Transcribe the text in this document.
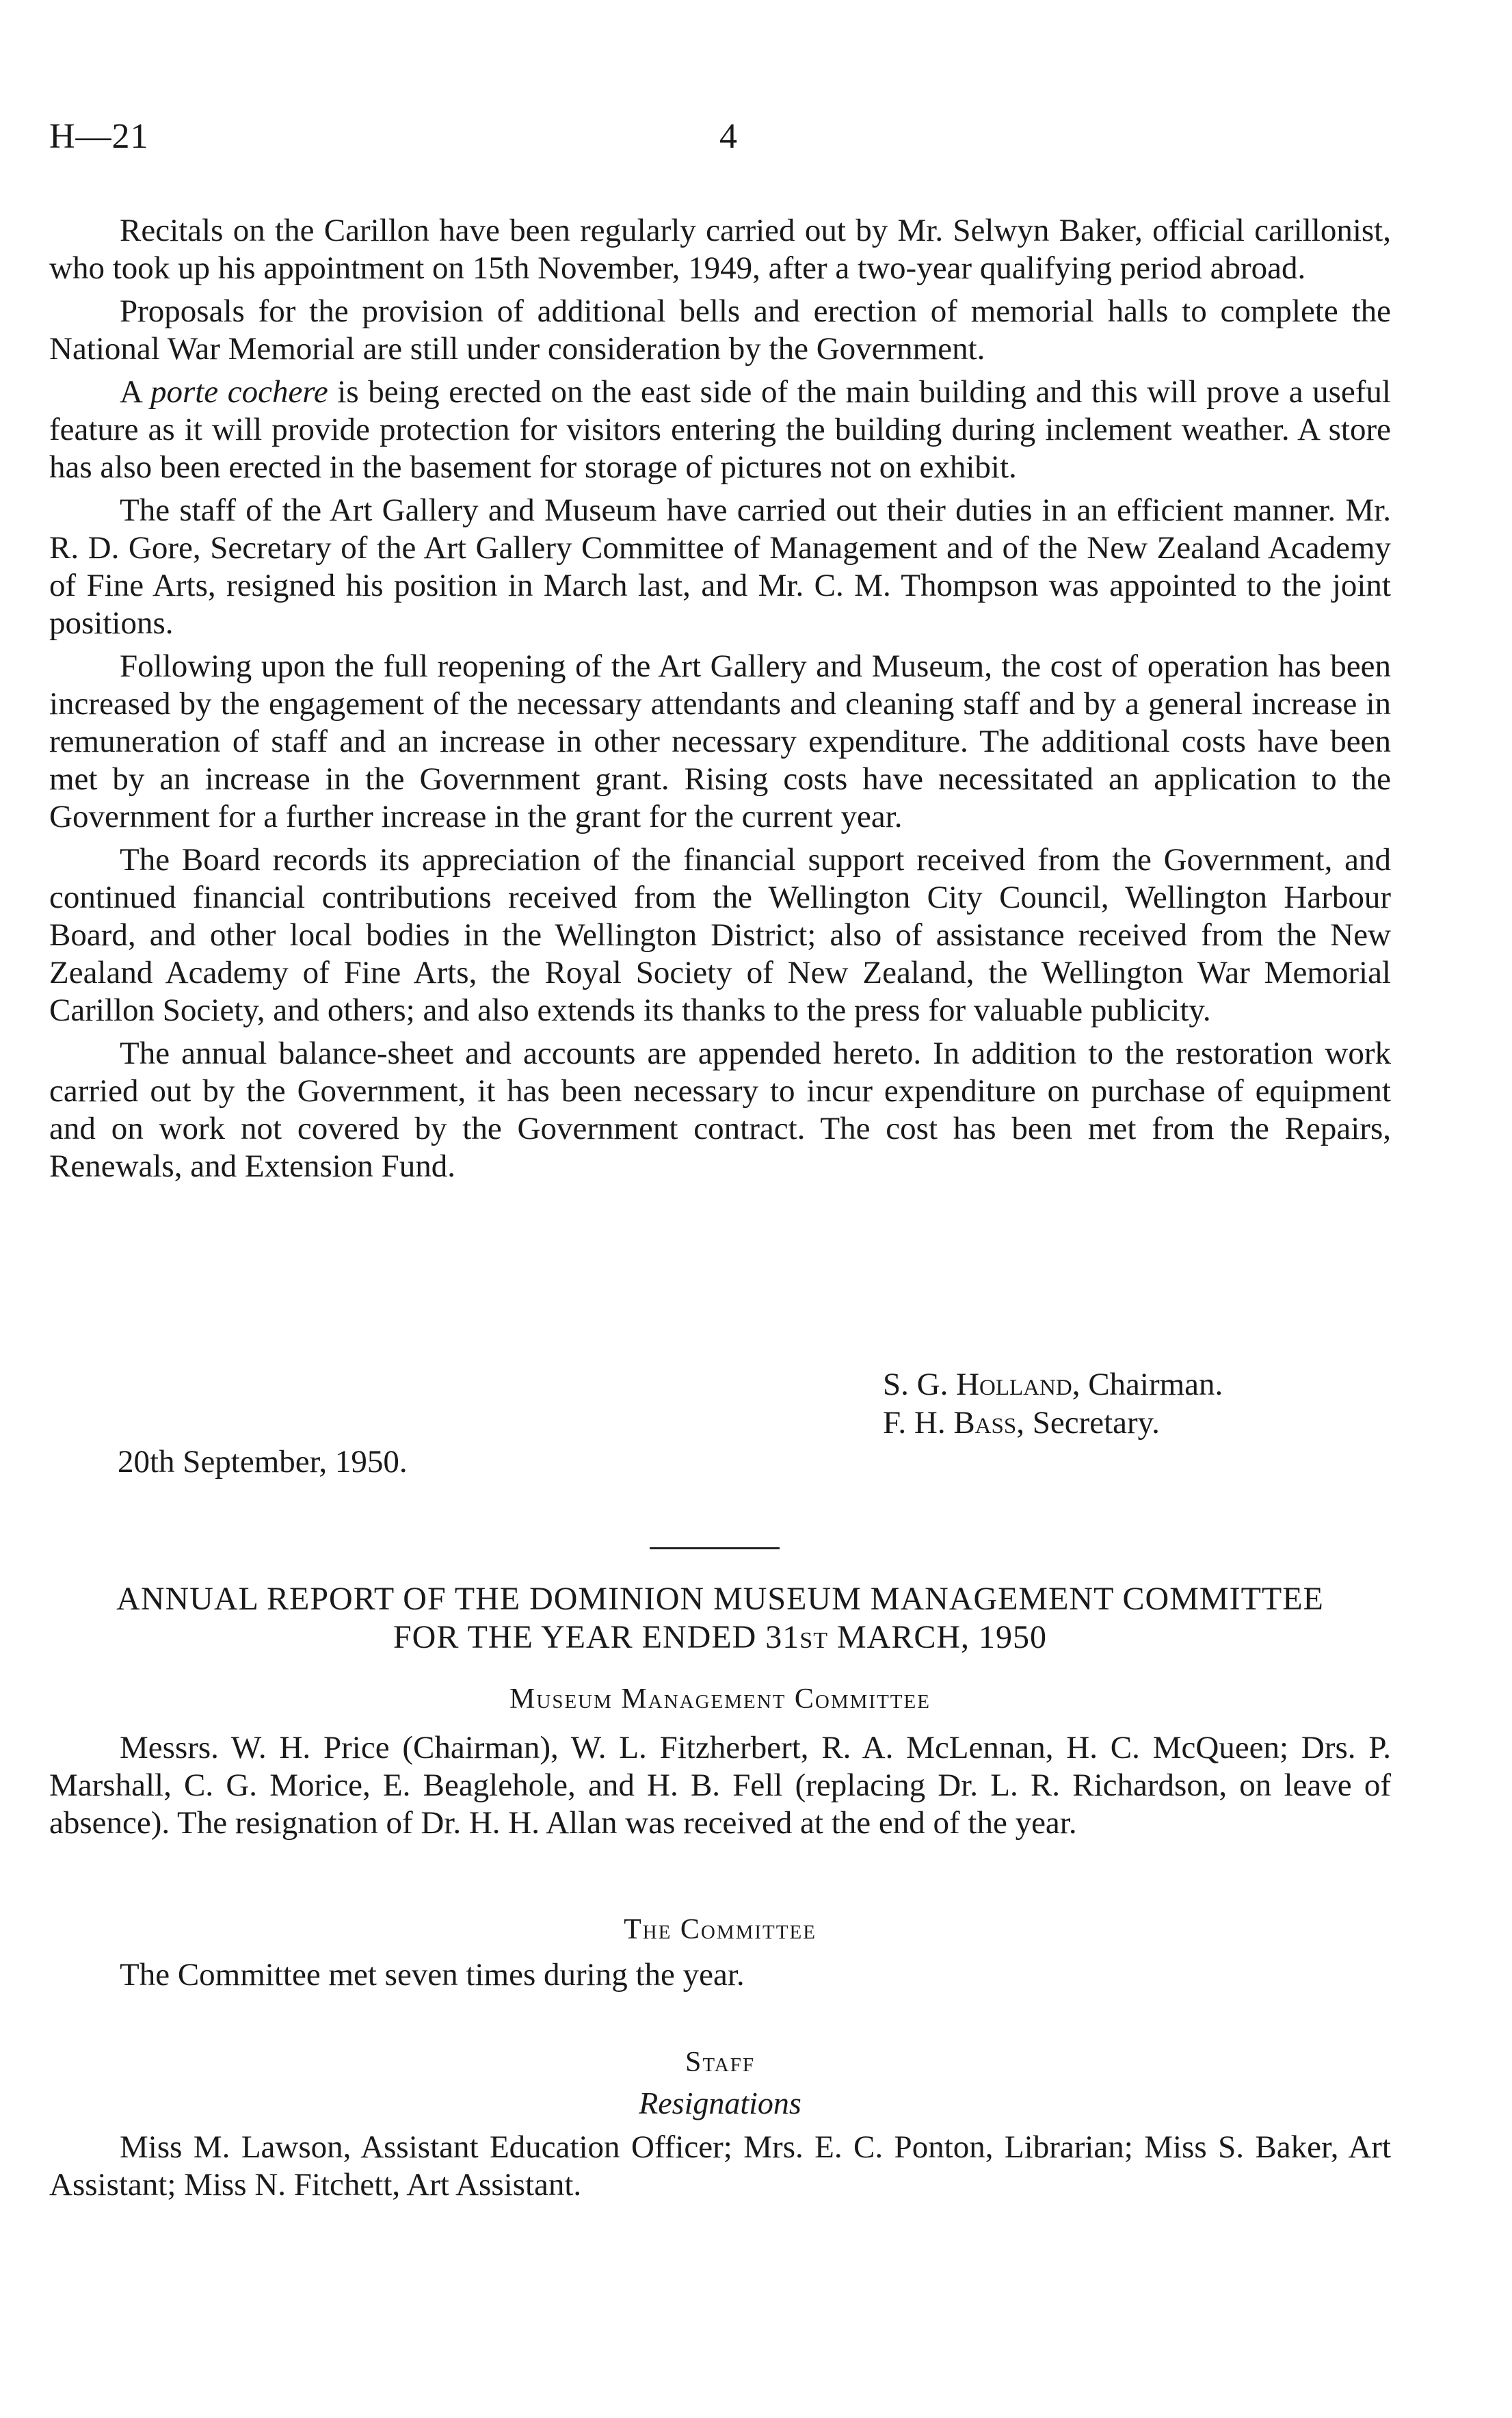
H—21	4

Recitals on the Carillon have been regularly carried out by Mr. Selwyn Baker, official carillonist, who took up his appointment on 15th November, 1949, after a two-year qualifying period abroad.

Proposals for the provision of additional bells and erection of memorial halls to complete the National War Memorial are still under consideration by the Government.

A porte cochere is being erected on the east side of the main building and this will prove a useful feature as it will provide protection for visitors entering the building during inclement weather. A store has also been erected in the basement for storage of pictures not on exhibit.

The staff of the Art Gallery and Museum have carried out their duties in an efficient manner. Mr. R. D. Gore, Secretary of the Art Gallery Committee of Management and of the New Zealand Academy of Fine Arts, resigned his position in March last, and Mr. C. M. Thompson was appointed to the joint positions.

Following upon the full reopening of the Art Gallery and Museum, the cost of operation has been increased by the engagement of the necessary attendants and cleaning staff and by a general increase in remuneration of staff and an increase in other necessary expenditure. The additional costs have been met by an increase in the Government grant. Rising costs have necessitated an application to the Government for a further increase in the grant for the current year.

The Board records its appreciation of the financial support received from the Government, and continued financial contributions received from the Wellington City Council, Wellington Harbour Board, and other local bodies in the Wellington District; also of assistance received from the New Zealand Academy of Fine Arts, the Royal Society of New Zealand, the Wellington War Memorial Carillon Society, and others; and also extends its thanks to the press for valuable publicity.

The annual balance-sheet and accounts are appended hereto. In addition to the restoration work carried out by the Government, it has been necessary to incur expenditure on purchase of equipment and on work not covered by the Government contract. The cost has been met from the Repairs, Renewals, and Extension Fund.

S. G. Holland, Chairman.
F. H. Bass, Secretary.
20th September, 1950.
ANNUAL REPORT OF THE DOMINION MUSEUM MANAGEMENT COMMITTEE
FOR THE YEAR ENDED 31st MARCH, 1950
Museum Management Committee

Messrs. W. H. Price (Chairman), W. L. Fitzherbert, R. A. McLennan, H. C. McQueen; Drs. P. Marshall, C. G. Morice, E. Beaglehole, and H. B. Fell (replacing Dr. L. R. Richardson, on leave of absence). The resignation of Dr. H. H. Allan was received at the end of the year.

The Committee

The Committee met seven times during the year.

Staff
Resignations

Miss M. Lawson, Assistant Education Officer; Mrs. E. C. Ponton, Librarian; Miss S. Baker, Art Assistant; Miss N. Fitchett, Art Assistant.
